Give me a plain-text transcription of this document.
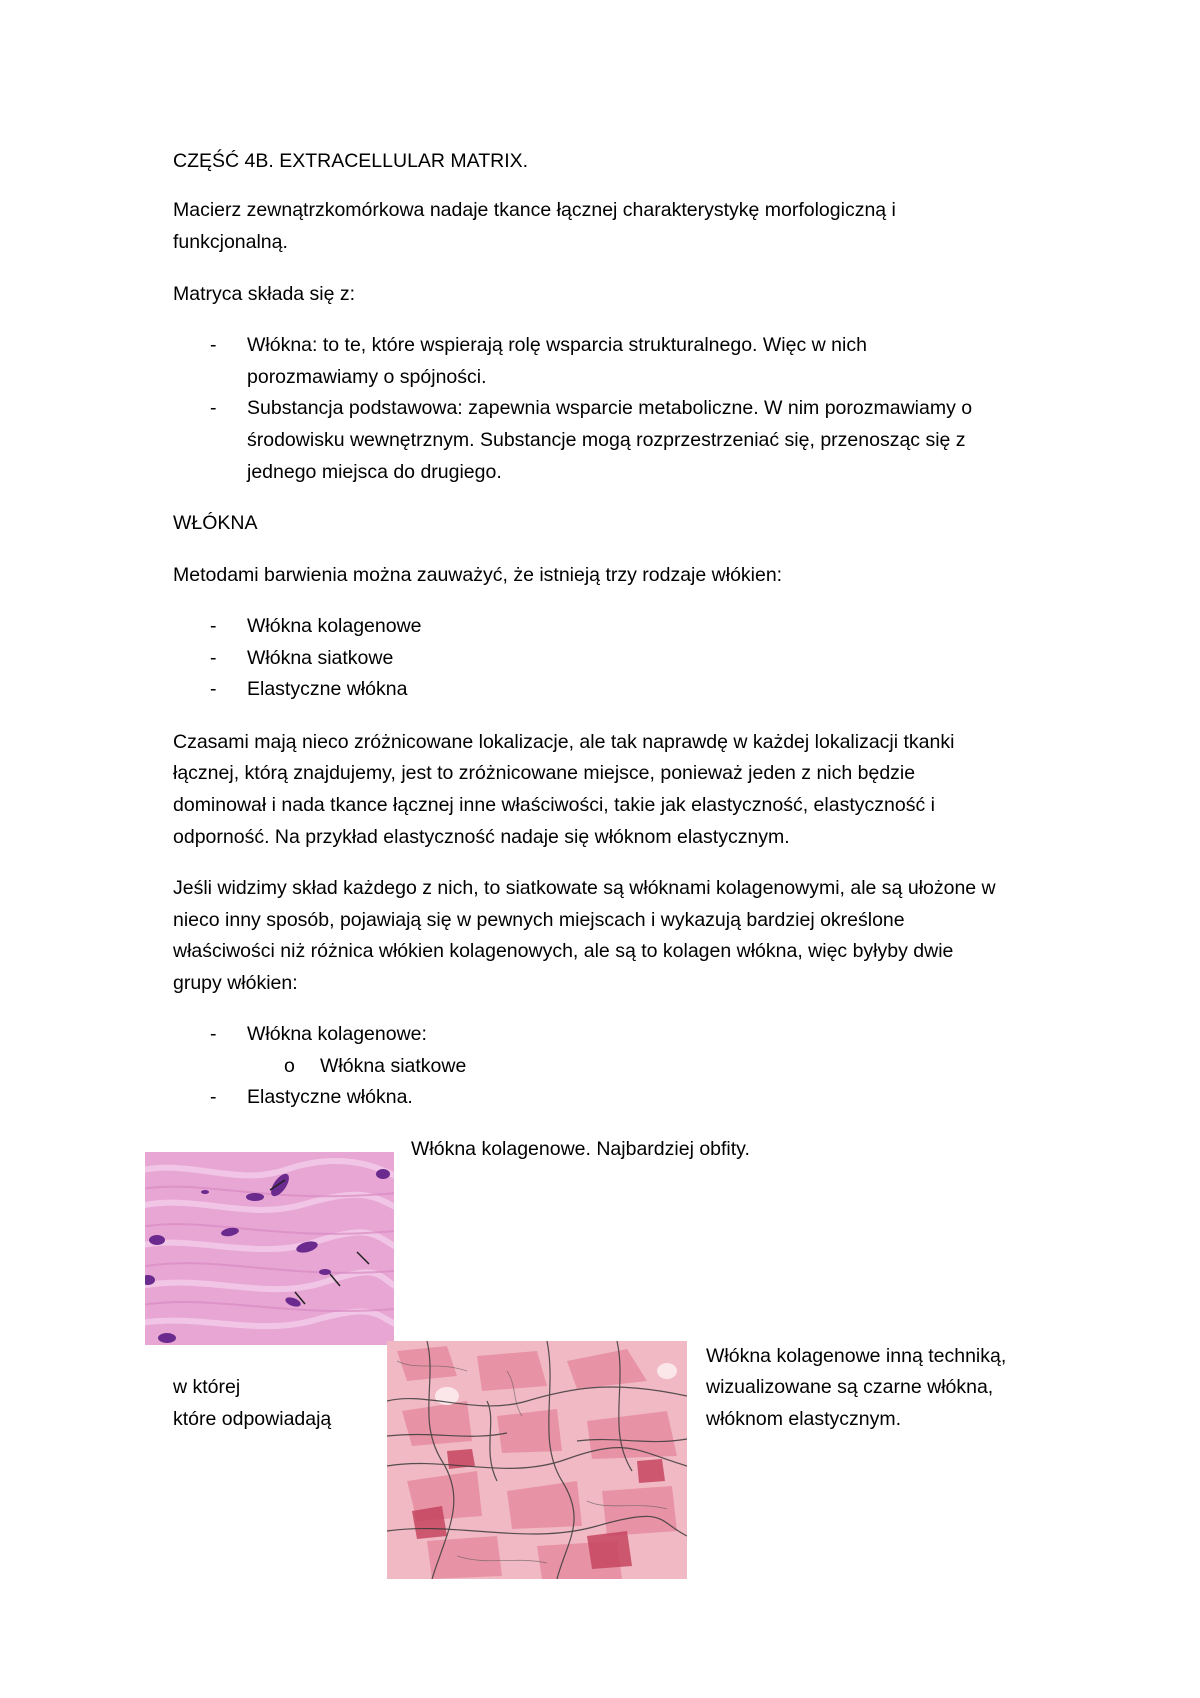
CZĘŚĆ 4B. EXTRACELLULAR MATRIX.
Macierz zewnątrzkomórkowa nadaje tkance łącznej charakterystykę morfologiczną i
funkcjonalną.
Matryca składa się z:
- Włókna: to te, które wspierają rolę wsparcia strukturalnego. Więc w nich
porozmawiamy o spójności.
- Substancja podstawowa: zapewnia wsparcie metaboliczne. W nim porozmawiamy o
środowisku wewnętrznym. Substancje mogą rozprzestrzeniać się, przenosząc się z
jednego miejsca do drugiego.
WŁÓKNA
Metodami barwienia można zauważyć, że istnieją trzy rodzaje włókien:
- Włókna kolagenowe
- Włókna siatkowe
- Elastyczne włókna
Czasami mają nieco zróżnicowane lokalizacje, ale tak naprawdę w każdej lokalizacji tkanki
łącznej, którą znajdujemy, jest to zróżnicowane miejsce, ponieważ jeden z nich będzie
dominował i nada tkance łącznej inne właściwości, takie jak elastyczność, elastyczność i
odporność. Na przykład elastyczność nadaje się włóknom elastycznym.
Jeśli widzimy skład każdego z nich, to siatkowate są włóknami kolagenowymi, ale są ułożone w
nieco inny sposób, pojawiają się w pewnych miejscach i wykazują bardziej określone
właściwości niż różnica włókien kolagenowych, ale są to kolagen włókna, więc byłyby dwie
grupy włókien:
- Włókna kolagenowe:
o Włókna siatkowe
- Elastyczne włókna.
Włókna kolagenowe. Najbardziej obfity.
w której
które odpowiadają
Włókna kolagenowe inną techniką,
wizualizowane są czarne włókna,
włóknom elastycznym.
